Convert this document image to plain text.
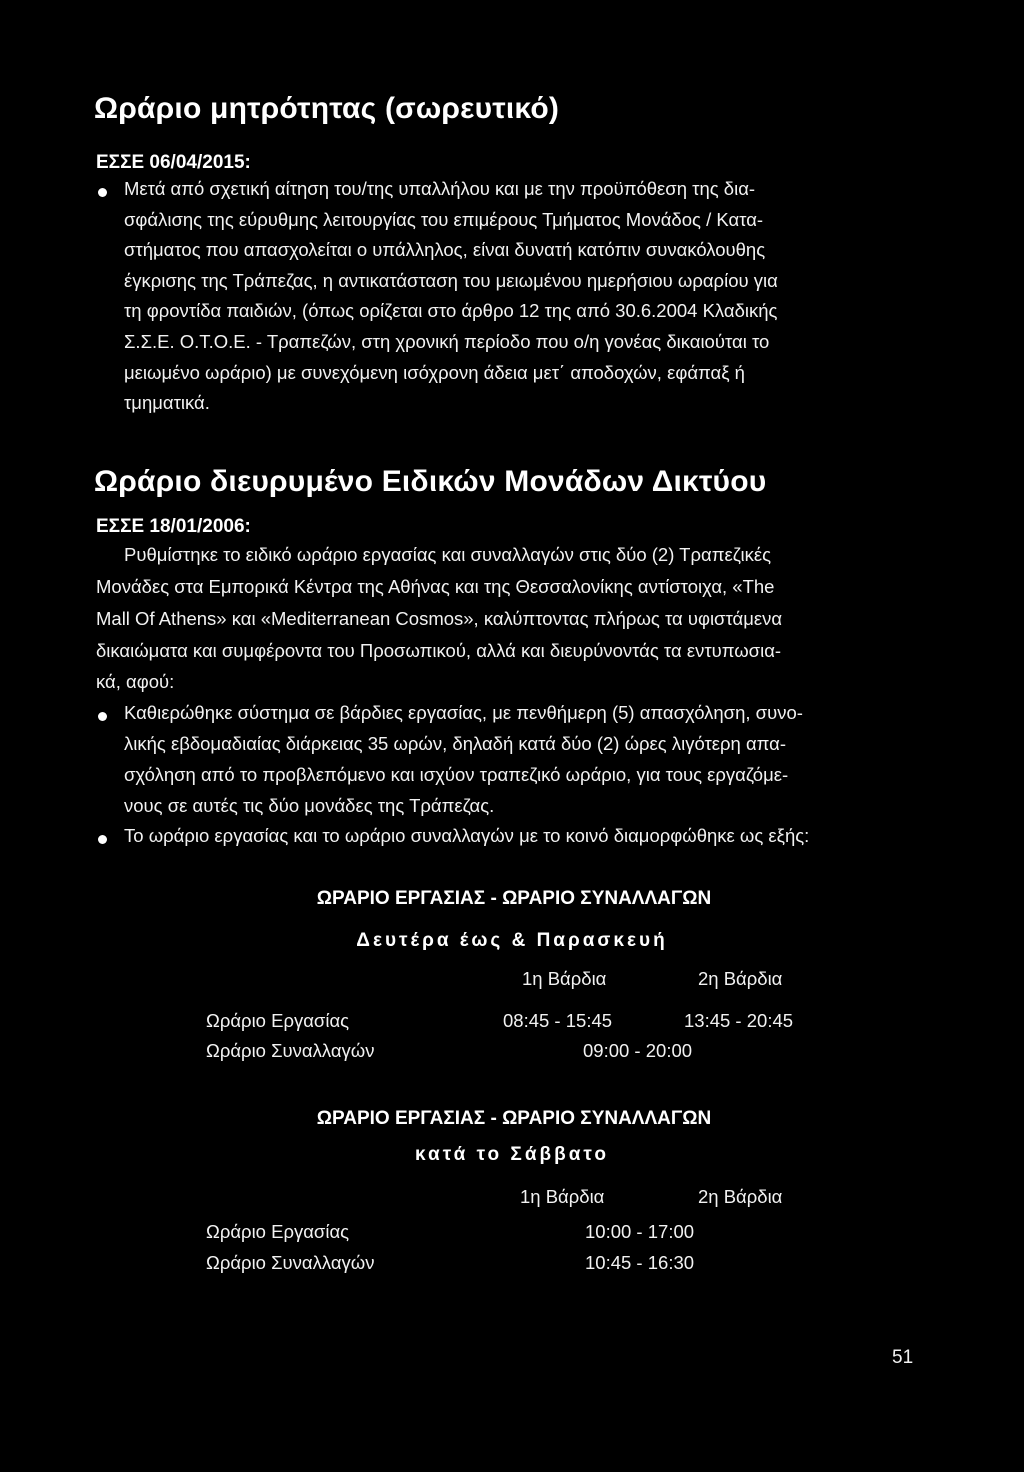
Ωράριο μητρότητας (σωρευτικό)
ΕΣΣΕ 06/04/2015:
Μετά από σχετική αίτηση του/της υπαλλήλου και με την προϋπόθεση της δια-
σφάλισης της εύρυθμης λειτουργίας του επιμέρους Τμήματος Μονάδος / Κατα-
στήματος που απασχολείται ο υπάλληλος, είναι δυνατή κατόπιν συνακόλουθης
έγκρισης της Τράπεζας, η αντικατάσταση του μειωμένου ημερήσιου ωραρίου για
τη φροντίδα παιδιών, (όπως ορίζεται στο άρθρο 12 της από 30.6.2004 Κλαδικής
Σ.Σ.Ε. Ο.Τ.Ο.Ε. - Τραπεζών, στη χρονική περίοδο που ο/η γονέας δικαιούται το
μειωμένο ωράριο) με συνεχόμενη ισόχρονη άδεια μετ΄ αποδοχών, εφάπαξ ή
τμηματικά.
Ωράριο διευρυμένο Ειδικών Μονάδων Δικτύου
ΕΣΣΕ 18/01/2006:
Ρυθμίστηκε το ειδικό ωράριο εργασίας και συναλλαγών στις δύο (2) Τραπεζικές
Μονάδες στα Εμπορικά Κέντρα της Αθήνας και της Θεσσαλονίκης αντίστοιχα, «The
Mall Of Athens» και «Mediterranean Cosmos», καλύπτοντας πλήρως τα υφιστάμενα
δικαιώματα και συμφέροντα του Προσωπικού, αλλά και διευρύνοντάς τα εντυπωσια-
κά, αφού:
Καθιερώθηκε σύστημα σε βάρδιες εργασίας, με πενθήμερη (5) απασχόληση, συνο-
λικής εβδομαδιαίας διάρκειας 35 ωρών, δηλαδή κατά δύο (2) ώρες λιγότερη απα-
σχόληση από το προβλεπόμενο και ισχύον τραπεζικό ωράριο, για τους εργαζόμε-
νους σε αυτές τις δύο μονάδες της Τράπεζας.
Το ωράριο εργασίας και το ωράριο συναλλαγών με το κοινό διαμορφώθηκε ως εξής:
ΩΡΑΡΙΟ ΕΡΓΑΣΙΑΣ - ΩΡΑΡΙΟ ΣΥΝΑΛΛΑΓΩΝ
Δευτέρα έως & Παρασκευή
1η Βάρδια	2η Βάρδια
Ωράριο Εργασίας	08:45 - 15:45	13:45 - 20:45
Ωράριο Συναλλαγών	09:00 - 20:00
ΩΡΑΡΙΟ ΕΡΓΑΣΙΑΣ - ΩΡΑΡΙΟ ΣΥΝΑΛΛΑΓΩΝ
κατά το Σάββατο
1η Βάρδια	2η Βάρδια
Ωράριο Εργασίας	10:00 - 17:00
Ωράριο Συναλλαγών	10:45 - 16:30
51
